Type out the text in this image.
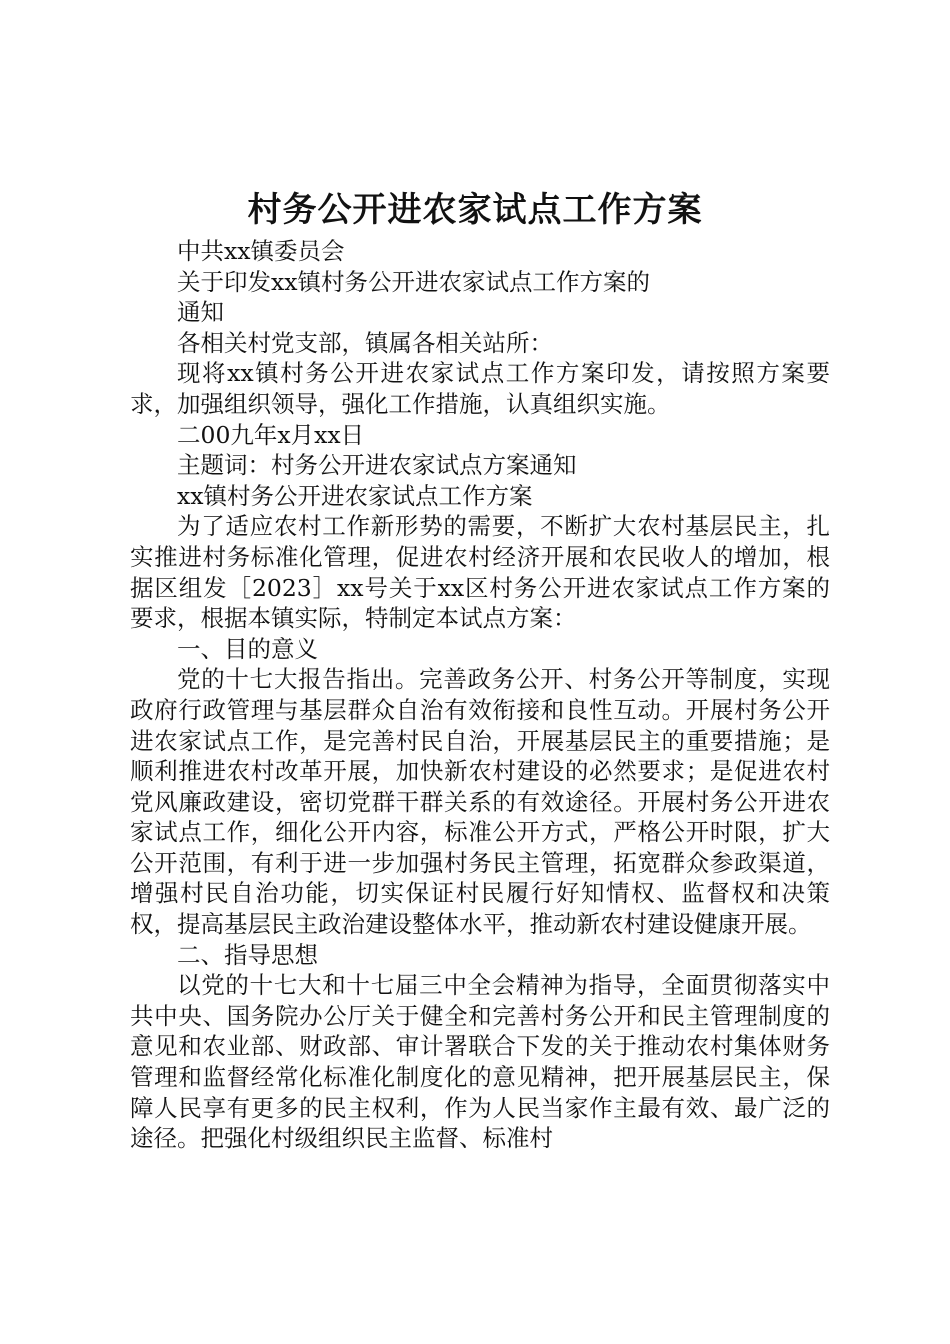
村务公开进农家试点工作方案

中共xx镇委员会

关于印发xx镇村务公开进农家试点工作方案的

通知

各相关村党支部，镇属各相关站所：

现将xx镇村务公开进农家试点工作方案印发，请按照方案要求，加强组织领导，强化工作措施，认真组织实施。

二00九年x月xx日

主题词：村务公开进农家试点方案通知

xx镇村务公开进农家试点工作方案

为了适应农村工作新形势的需要，不断扩大农村基层民主，扎实推进村务标准化管理，促进农村经济开展和农民收人的增加，根据区组发［2023］xx号关于xx区村务公开进农家试点工作方案的要求，根据本镇实际，特制定本试点方案：

一、目的意义

党的十七大报告指出。完善政务公开、村务公开等制度，实现政府行政管理与基层群众自治有效衔接和良性互动。开展村务公开进农家试点工作，是完善村民自治，开展基层民主的重要措施；是顺利推进农村改革开展，加快新农村建设的必然要求；是促进农村党风廉政建设，密切党群干群关系的有效途径。开展村务公开进农家试点工作，细化公开内容，标准公开方式，严格公开时限，扩大公开范围，有利于进一步加强村务民主管理，拓宽群众参政渠道，增强村民自治功能，切实保证村民履行好知情权、监督权和决策权，提高基层民主政治建设整体水平，推动新农村建设健康开展。

二、指导思想

以党的十七大和十七届三中全会精神为指导，全面贯彻落实中共中央、国务院办公厅关于健全和完善村务公开和民主管理制度的意见和农业部、财政部、审计署联合下发的关于推动农村集体财务管理和监督经常化标准化制度化的意见精神，把开展基层民主，保障人民享有更多的民主权利，作为人民当家作主最有效、最广泛的途径。把强化村级组织民主监督、标准村
